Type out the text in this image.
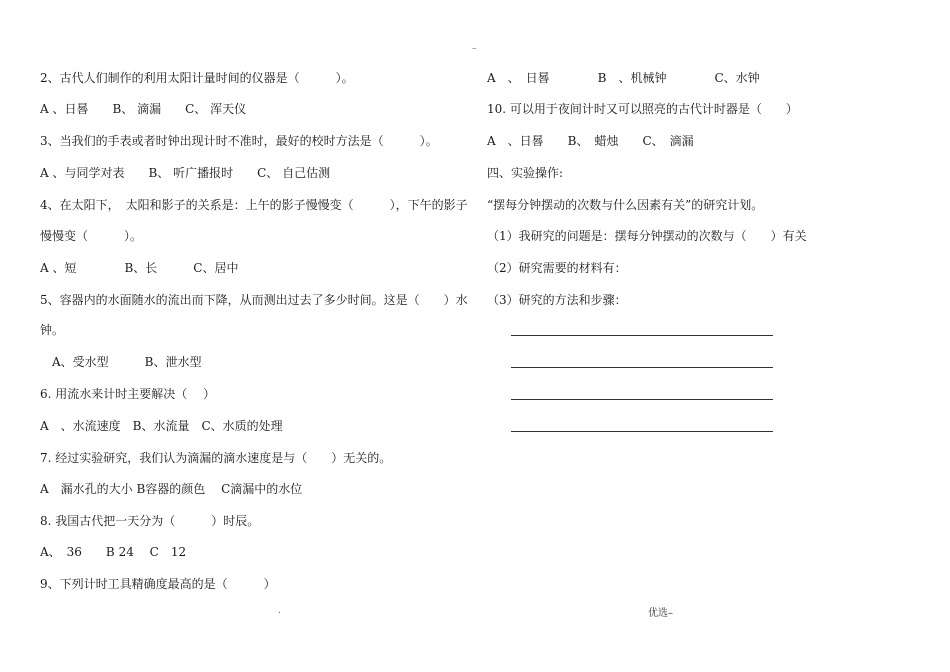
–
2、古代人们制作的利用太阳计量时间的仪器是（　　　）。
A 、日晷　　B、 滴漏　　C、 浑天仪
3、当我们的手表或者时钟出现计时不准时，最好的校时方法是（　　　）。
A 、与同学对表　　B、 听广播报时　　C、 自己估测
4、在太阳下，　太阳和影子的关系是：上午的影子慢慢变（　　　），下午的影子
慢慢变（　　　）。
A 、短　　　　B、长　　　C、居中
5、容器内的水面随水的流出而下降，从而测出过去了多少时间。这是（　　）水
钟。
　A、受水型　　　B、泄水型
6. 用流水来计时主要解决（　 ）
A　、水流速度　B、水流量　C、水质的处理
7. 经过实验研究，我们认为滴漏的滴水速度是与（　　）无关的。
A　漏水孔的大小 B容器的颜色　 C滴漏中的水位
8. 我国古代把一天分为（　　　）时辰。
A、　36　　B 24　 C　12
9、下列计时工具精确度最高的是（　　　）
A　、　日晷　　　　B　、机械钟　　　　C、水钟
10. 可以用于夜间计时又可以照亮的古代计时器是（　　）
A　、日晷　　B、　蜡烛　　C、　滴漏
四、实验操作:
“摆每分钟摆动的次数与什么因素有关”的研究计划。
（1）我研究的问题是：摆每分钟摆动的次数与（　　）有关
（2）研究需要的材料有：
（3）研究的方法和步骤：
.	优选–
